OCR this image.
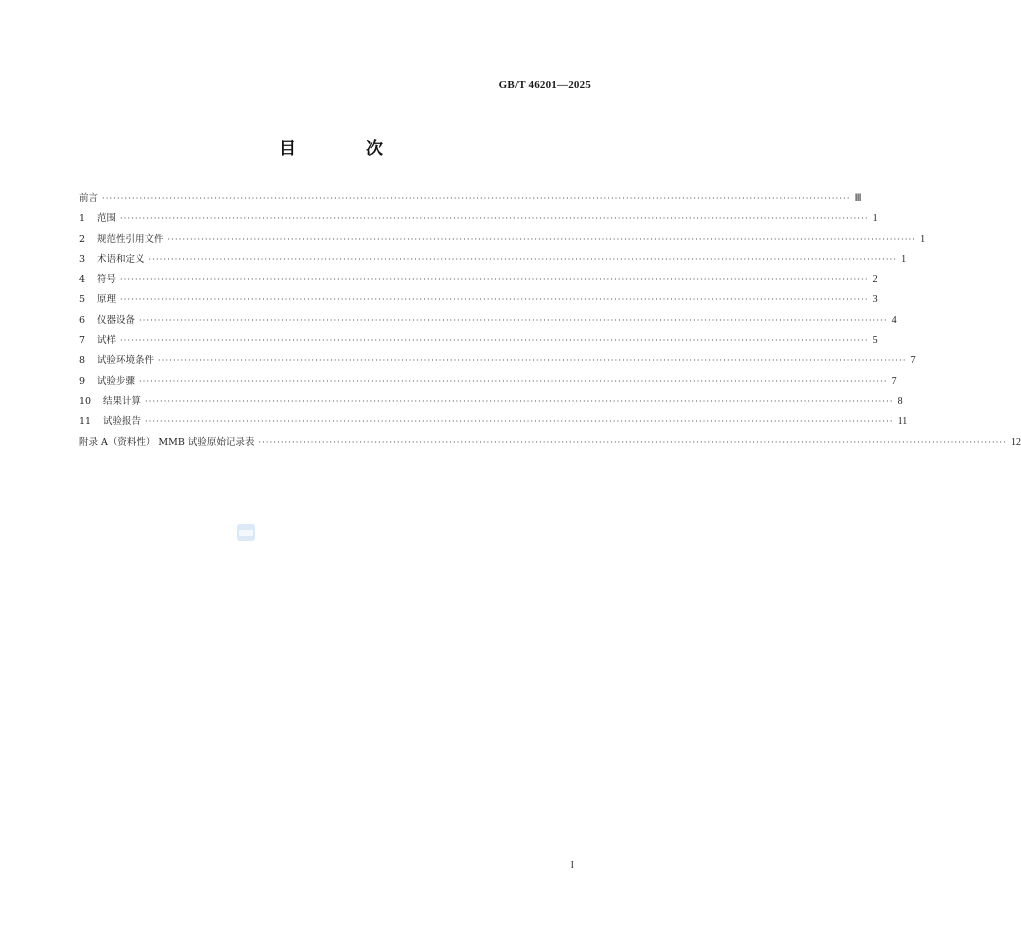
GB/T 46201—2025
目 次
前言 ········································································································································································································ Ⅲ
1	范围 ········································································································································································································ 1
2	规范性引用文件 ········································································································································································································ 1
3	术语和定义 ········································································································································································································ 1
4	符号 ········································································································································································································ 2
5	原理 ········································································································································································································ 3
6	仪器设备 ········································································································································································································ 4
7	试样 ········································································································································································································ 5
8	试验环境条件 ········································································································································································································ 7
9	试验步骤 ········································································································································································································ 7
10	结果计算 ········································································································································································································ 8
11	试验报告 ········································································································································································································ 11
附录 A（资料性） MMB 试验原始记录表 ········································································································································································································ 12
I
